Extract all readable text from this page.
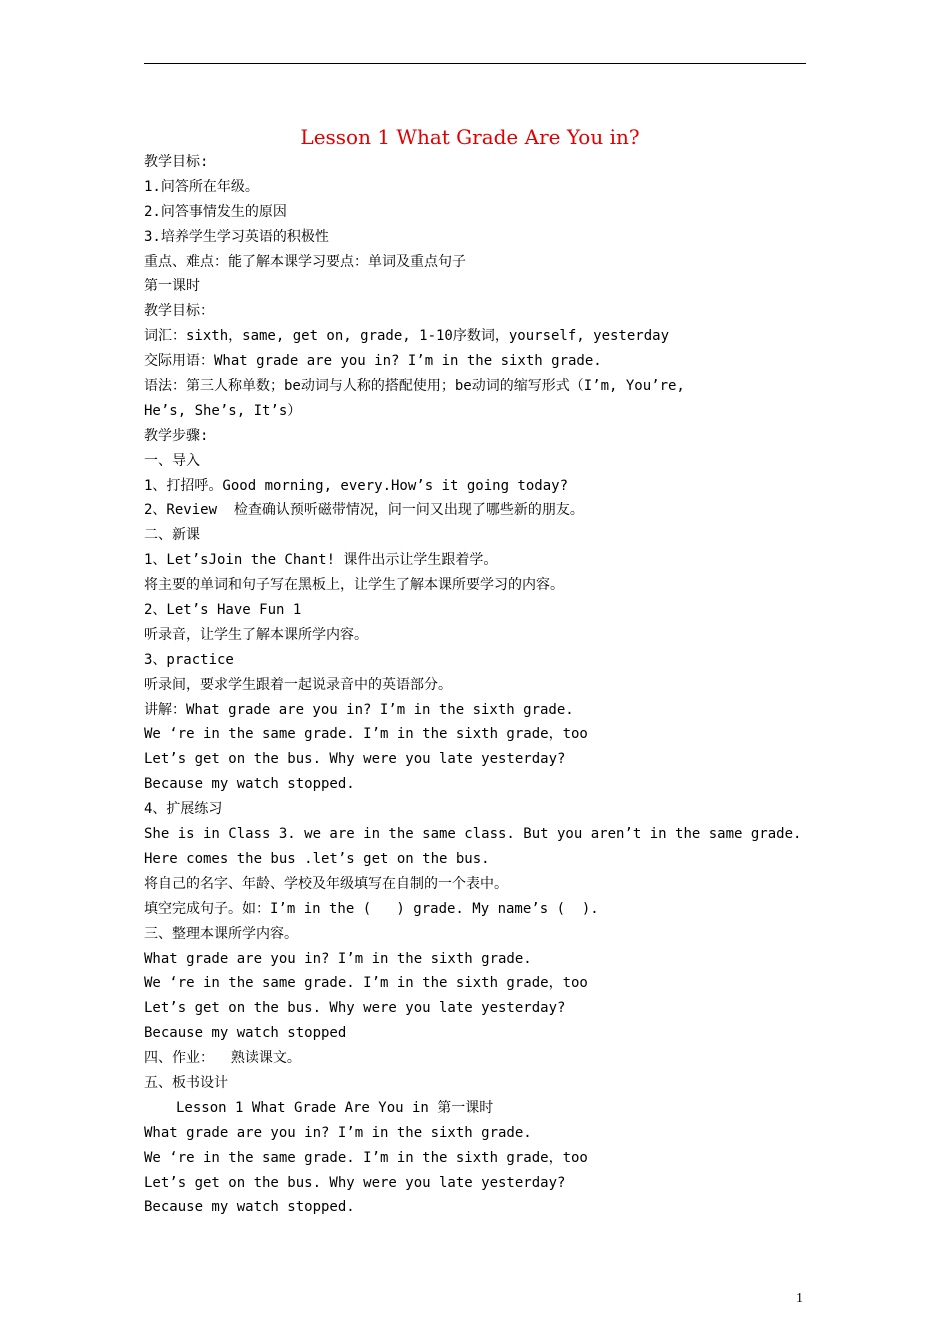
Lesson 1 What Grade Are You in?
教学目标:
1.问答所在年级。
2.问答事情发生的原因
3.培养学生学习英语的积极性
重点、难点：能了解本课学习要点：单词及重点句子
第一课时
教学目标：
词汇：sixth，same, get on, grade, 1-10序数词，yourself, yesterday
交际用语：What grade are you in? I’m in the sixth grade.
语法：第三人称单数；be动词与人称的搭配使用；be动词的缩写形式（I’m, You’re,
He’s, She’s, It’s）
教学步骤:
一、导入
1、打招呼。Good morning, every.How’s it going today?
2、Review  检查确认预听磁带情况，问一问又出现了哪些新的朋友。
二、新课
1、Let’sJoin the Chant! 课件出示让学生跟着学。
将主要的单词和句子写在黑板上，让学生了解本课所要学习的内容。
2、Let’s Have Fun 1
听录音，让学生了解本课所学内容。
3、practice
听录间，要求学生跟着一起说录音中的英语部分。
讲解：What grade are you in? I’m in the sixth grade.
We ‘re in the same grade. I’m in the sixth grade，too
Let’s get on the bus. Why were you late yesterday?
Because my watch stopped.
4、扩展练习
She is in Class 3. we are in the same class. But you aren’t in the same grade.
Here comes the bus .let’s get on the bus.
将自己的名字、年龄、学校及年级填写在自制的一个表中。
填空完成句子。如：I’m in the (   ) grade. My name’s (  ).
三、整理本课所学内容。
What grade are you in? I’m in the sixth grade.
We ‘re in the same grade. I’m in the sixth grade，too
Let’s get on the bus. Why were you late yesterday?
Because my watch stopped
四、作业：  熟读课文。
五、板书设计
Lesson 1 What Grade Are You in 第一课时
What grade are you in? I’m in the sixth grade.
We ‘re in the same grade. I’m in the sixth grade，too
Let’s get on the bus. Why were you late yesterday?
Because my watch stopped.
1
